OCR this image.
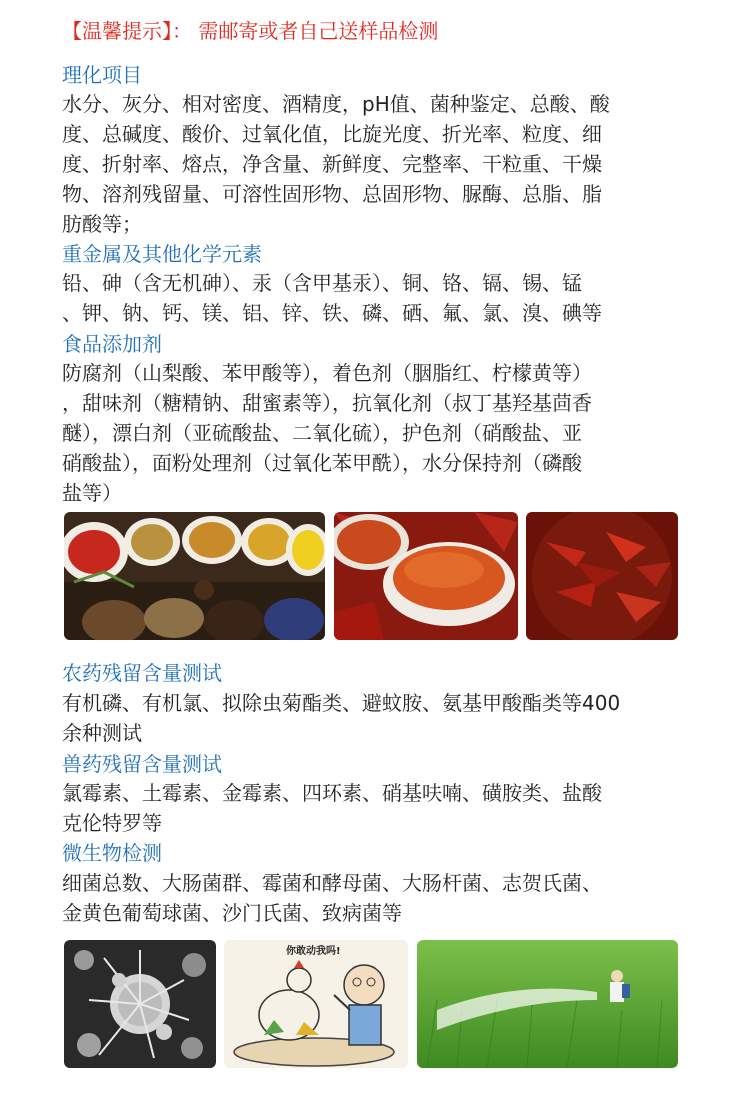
【温馨提示】： 需邮寄或者自己送样品检测
理化项目
水分、灰分、相对密度、酒精度，pH值、菌种鉴定、总酸、酸
度、总碱度、酸价、过氧化值，比旋光度、折光率、粒度、细
度、折射率、熔点，净含量、新鲜度、完整率、干粒重、干燥
物、溶剂残留量、可溶性固形物、总固形物、脲酶、总脂、脂
肪酸等；
重金属及其他化学元素
铅、砷（含无机砷）、汞（含甲基汞）、铜、铬、镉、锡、锰
、钾、钠、钙、镁、铝、锌、铁、磷、硒、氟、氯、溴、碘等
食品添加剂
防腐剂（山梨酸、苯甲酸等），着色剂（胭脂红、柠檬黄等）
，甜味剂（糖精钠、甜蜜素等），抗氧化剂（叔丁基羟基茴香
醚），漂白剂（亚硫酸盐、二氧化硫），护色剂（硝酸盐、亚
硝酸盐），面粉处理剂（过氧化苯甲酰），水分保持剂（磷酸
盐等）
农药残留含量测试
有机磷、有机氯、拟除虫菊酯类、避蚊胺、氨基甲酸酯类等400
余种测试
兽药残留含量测试
氯霉素、土霉素、金霉素、四环素、硝基呋喃、磺胺类、盐酸
克伦特罗等
微生物检测
细菌总数、大肠菌群、霉菌和酵母菌、大肠杆菌、志贺氏菌、
金黄色葡萄球菌、沙门氏菌、致病菌等
你敢动我吗!
